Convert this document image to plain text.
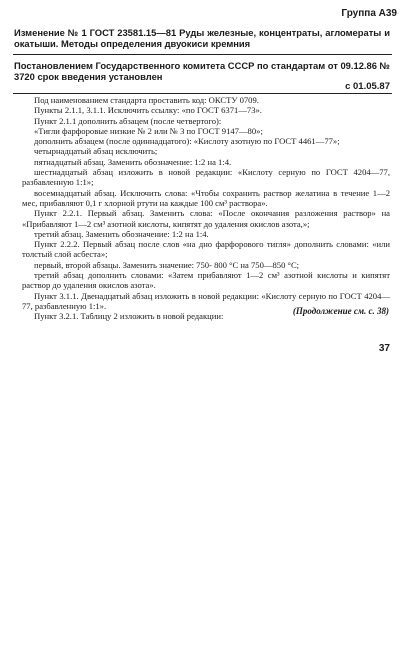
Группа А39
Изменение № 1 ГОСТ 23581.15—81 Руды железные, концентраты, агломераты и окатыши. Методы определения двуокиси кремния
Постановлением Государственного комитета СССР по стандартам от 09.12.86 № 3720 срок введения установлен
с 01.05.87

Под наименованием стандарта проставить код: ОКСТУ 0709.

Пункты 2.1.1, 3.1.1. Исключить ссылку: «по ГОСТ 6371—73».

Пункт 2.1.1 дополнить абзацем (после четвертого):

«Тигли фарфоровые низкие № 2 или № 3 по ГОСТ 9147—80»;

дополнить абзацем (после одиннадцатого): «Кислоту азотную по ГОСТ 4461—77»;

четырнадцатый абзац исключить;

пятнадцатый абзац. Заменить обозначение: 1:2 на 1:4.

шестнадцатый абзац изложить в новой редакции: «Кислоту серную по ГОСТ 4204—77, разбавленную 1:1»;

восемнадцатый абзац. Исключить слова: «Чтобы сохранить раствор желатина в течение 1—2 мес, прибавляют 0,1 г хлорной ртути на каждые 100 см³ раствора».

Пункт 2.2.1. Первый абзац. Заменить слова: «После окончания разложения раствор» на «Прибавляют 1—2 см³ азотной кислоты, кипятят до удаления окислов азота,»;

третий абзац. Заменить обозначение: 1:2 на 1:4.

Пункт 2.2.2. Первый абзац после слов «на дно фарфорового тигля» дополнить словами: «или толстый слой асбеста»;

первый, второй абзацы. Заменить значение: 750- 800 °С на 750—850 °С;

третий абзац дополнить словами: «Затем прибавляют 1—2 см³ азотной кислоты и кипятят раствор до удаления окислов азота».

Пункт 3.1.1. Двенадцатый абзац изложить в новой редакции: «Кислоту серную по ГОСТ 4204—77, разбавленную 1:1».

Пункт 3.2.1. Таблицу 2 изложить в новой редакции:

(Продолжение см. с. 38)
37
